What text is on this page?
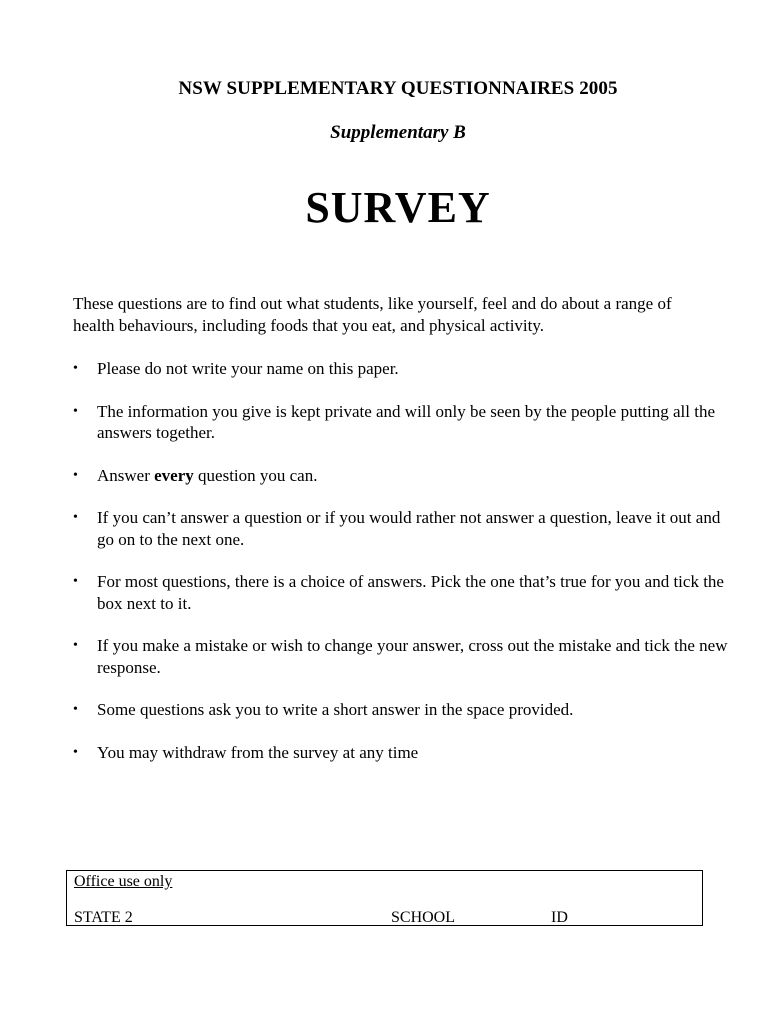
NSW SUPPLEMENTARY QUESTIONNAIRES 2005
Supplementary B
SURVEY
These questions are to find out what students, like yourself, feel and do about a range of health behaviours, including foods that you eat, and physical activity.
• Please do not write your name on this paper.
• The information you give is kept private and will only be seen by the people putting all the answers together.
• Answer every question you can.
• If you can’t answer a question or if you would rather not answer a question, leave it out and go on to the next one.
• For most questions, there is a choice of answers. Pick the one that’s true for you and tick the box next to it.
• If you make a mistake or wish to change your answer, cross out the mistake and tick the new response.
• Some questions ask you to write a short answer in the space provided.
• You may withdraw from the survey at any time
Office use only
STATE 2	SCHOOL	ID
